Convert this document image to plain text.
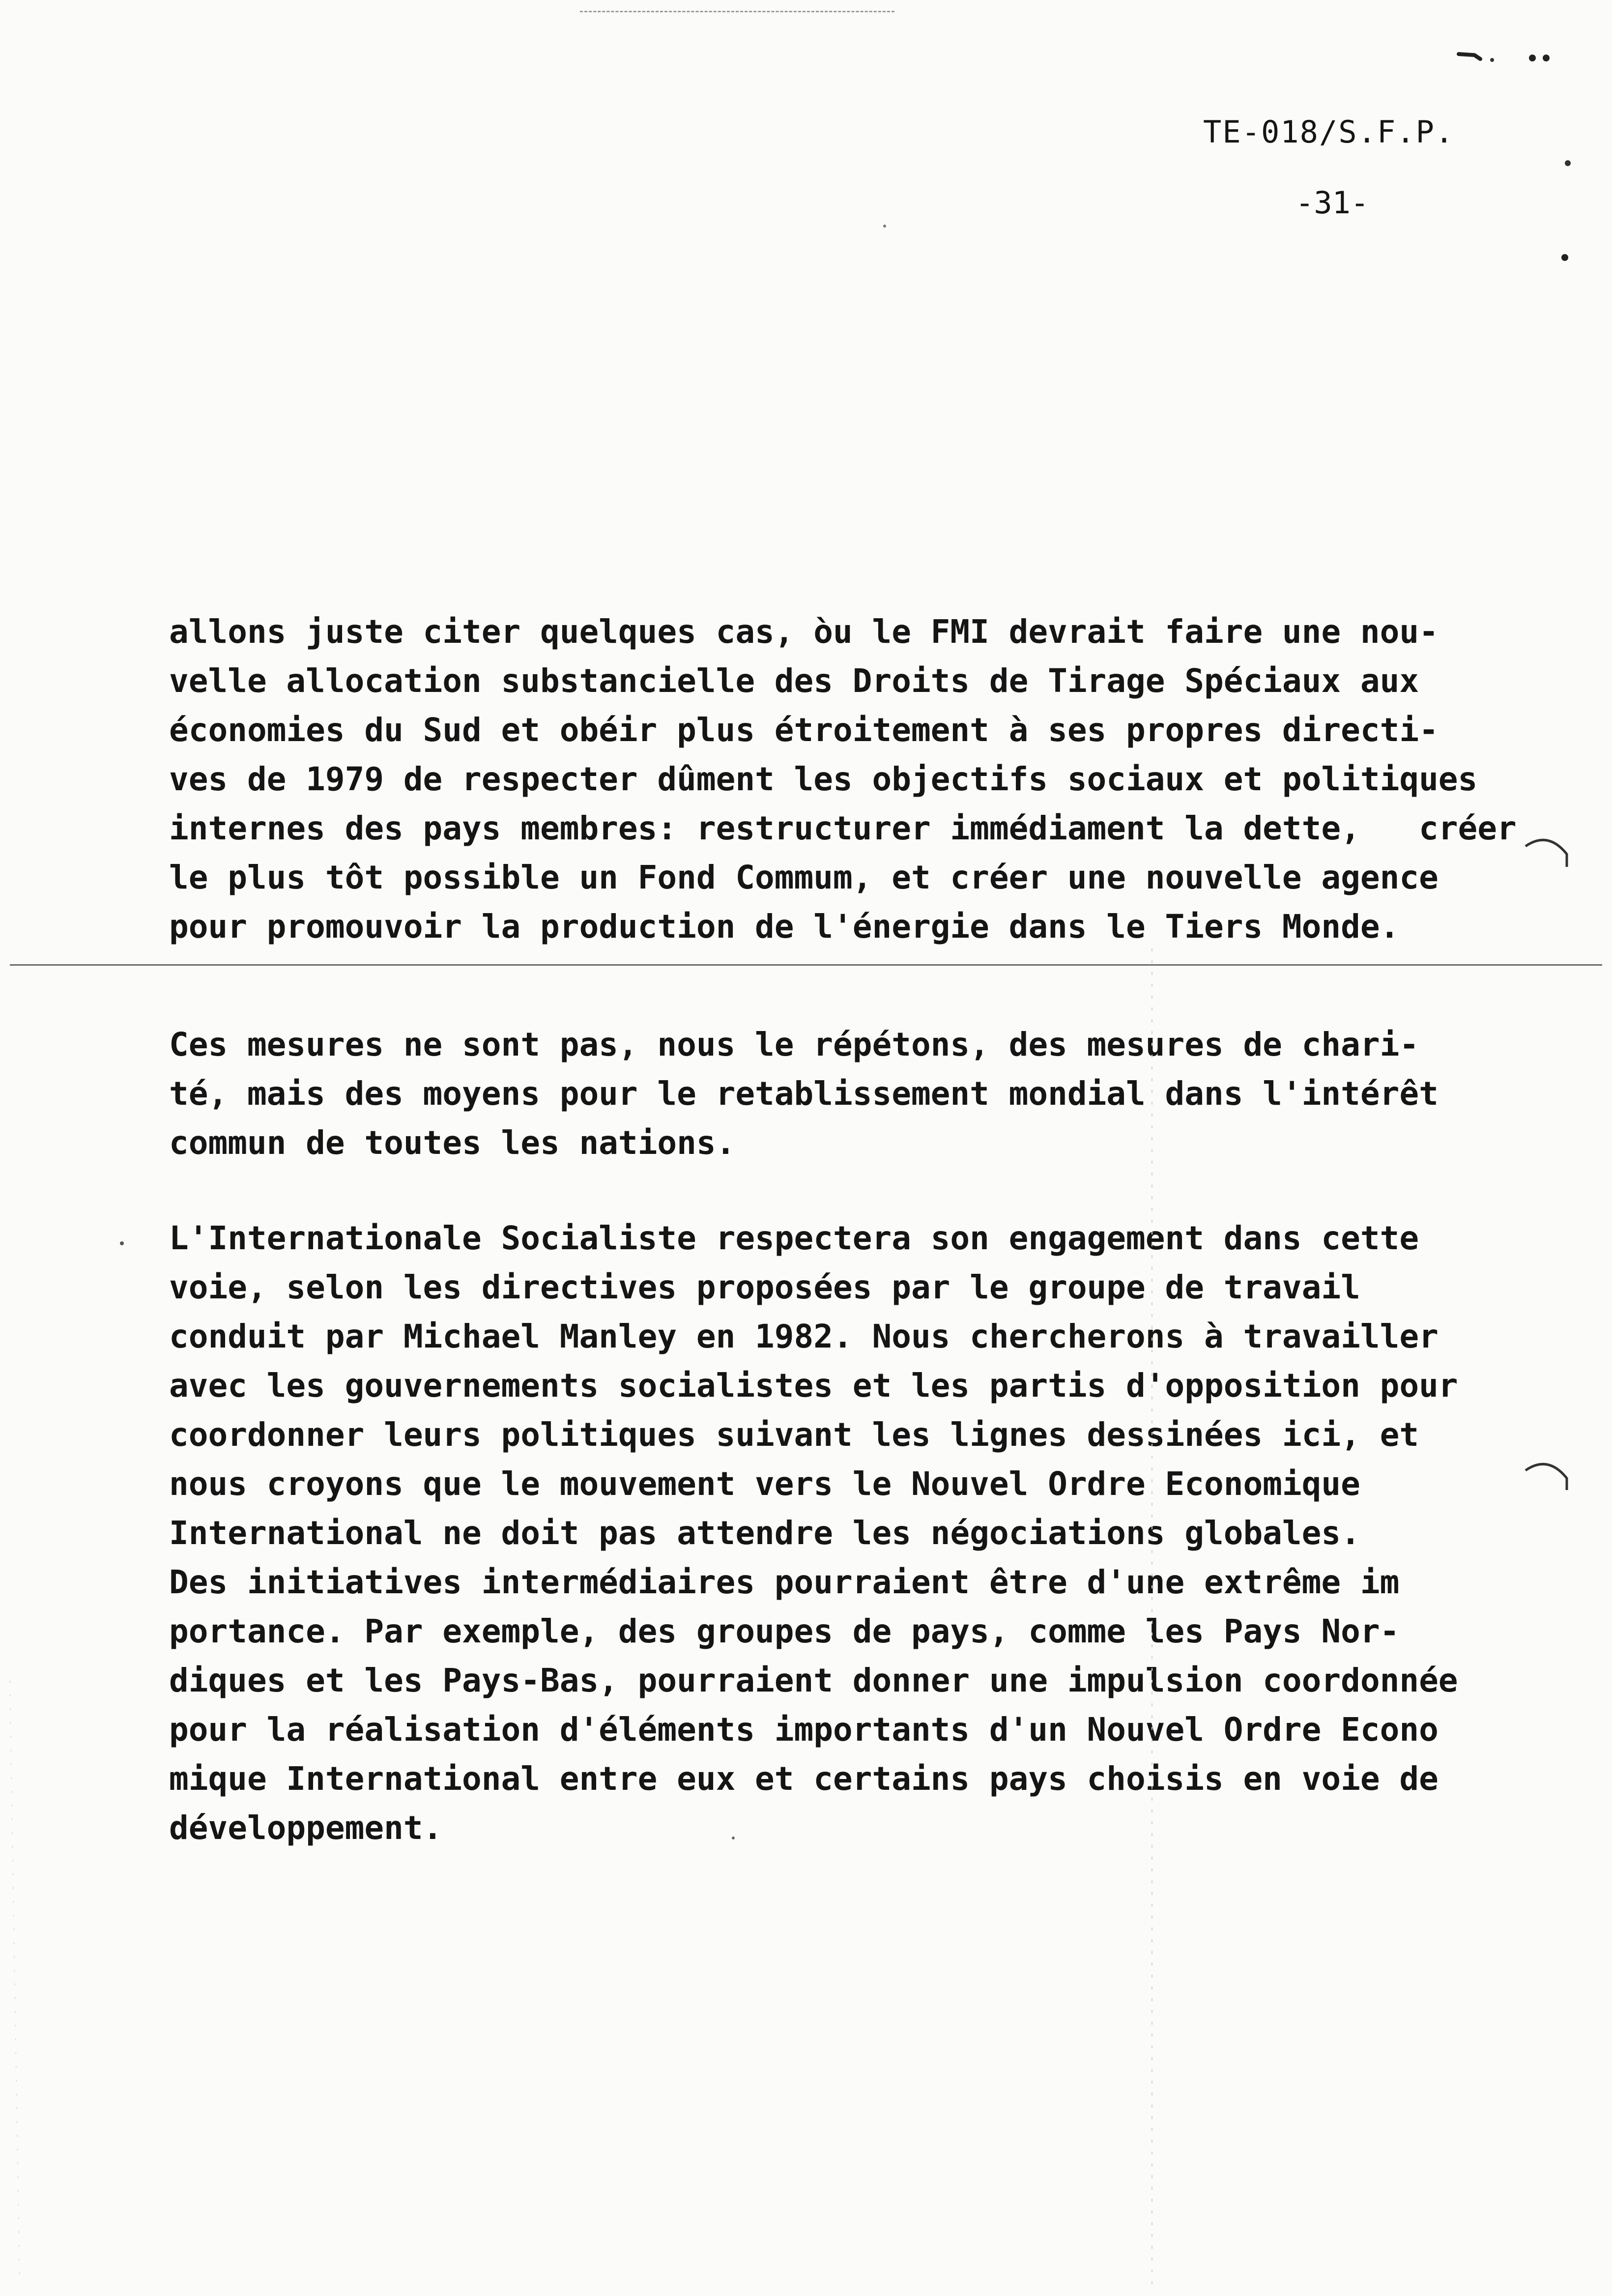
TE-018/S.F.P.
-31-
allons juste citer quelques cas, òu le FMI devrait faire une nou-
velle allocation substancielle des Droits de Tirage Spéciaux aux
économies du Sud et obéir plus étroitement à ses propres directi-
ves de 1979 de respecter dûment les objectifs sociaux et politiques
internes des pays membres: restructurer immédiament la dette,   créer
le plus tôt possible un Fond Commum, et créer une nouvelle agence
pour promouvoir la production de l'énergie dans le Tiers Monde.
Ces mesures ne sont pas, nous le répétons, des mesures de chari-
té, mais des moyens pour le retablissement mondial dans l'intérêt
commun de toutes les nations.
L'Internationale Socialiste respectera son engagement dans cette
voie, selon les directives proposées par le groupe de travail
conduit par Michael Manley en 1982. Nous chercherons à travailler
avec les gouvernements socialistes et les partis d'opposition pour
coordonner leurs politiques suivant les lignes dessinées ici, et
nous croyons que le mouvement vers le Nouvel Ordre Economique
International ne doit pas attendre les négociations globales.
Des initiatives intermédiaires pourraient être d'une extrême im
portance. Par exemple, des groupes de pays, comme les Pays Nor-
diques et les Pays-Bas, pourraient donner une impulsion coordonnée
pour la réalisation d'éléments importants d'un Nouvel Ordre Econo
mique International entre eux et certains pays choisis en voie de
développement.
